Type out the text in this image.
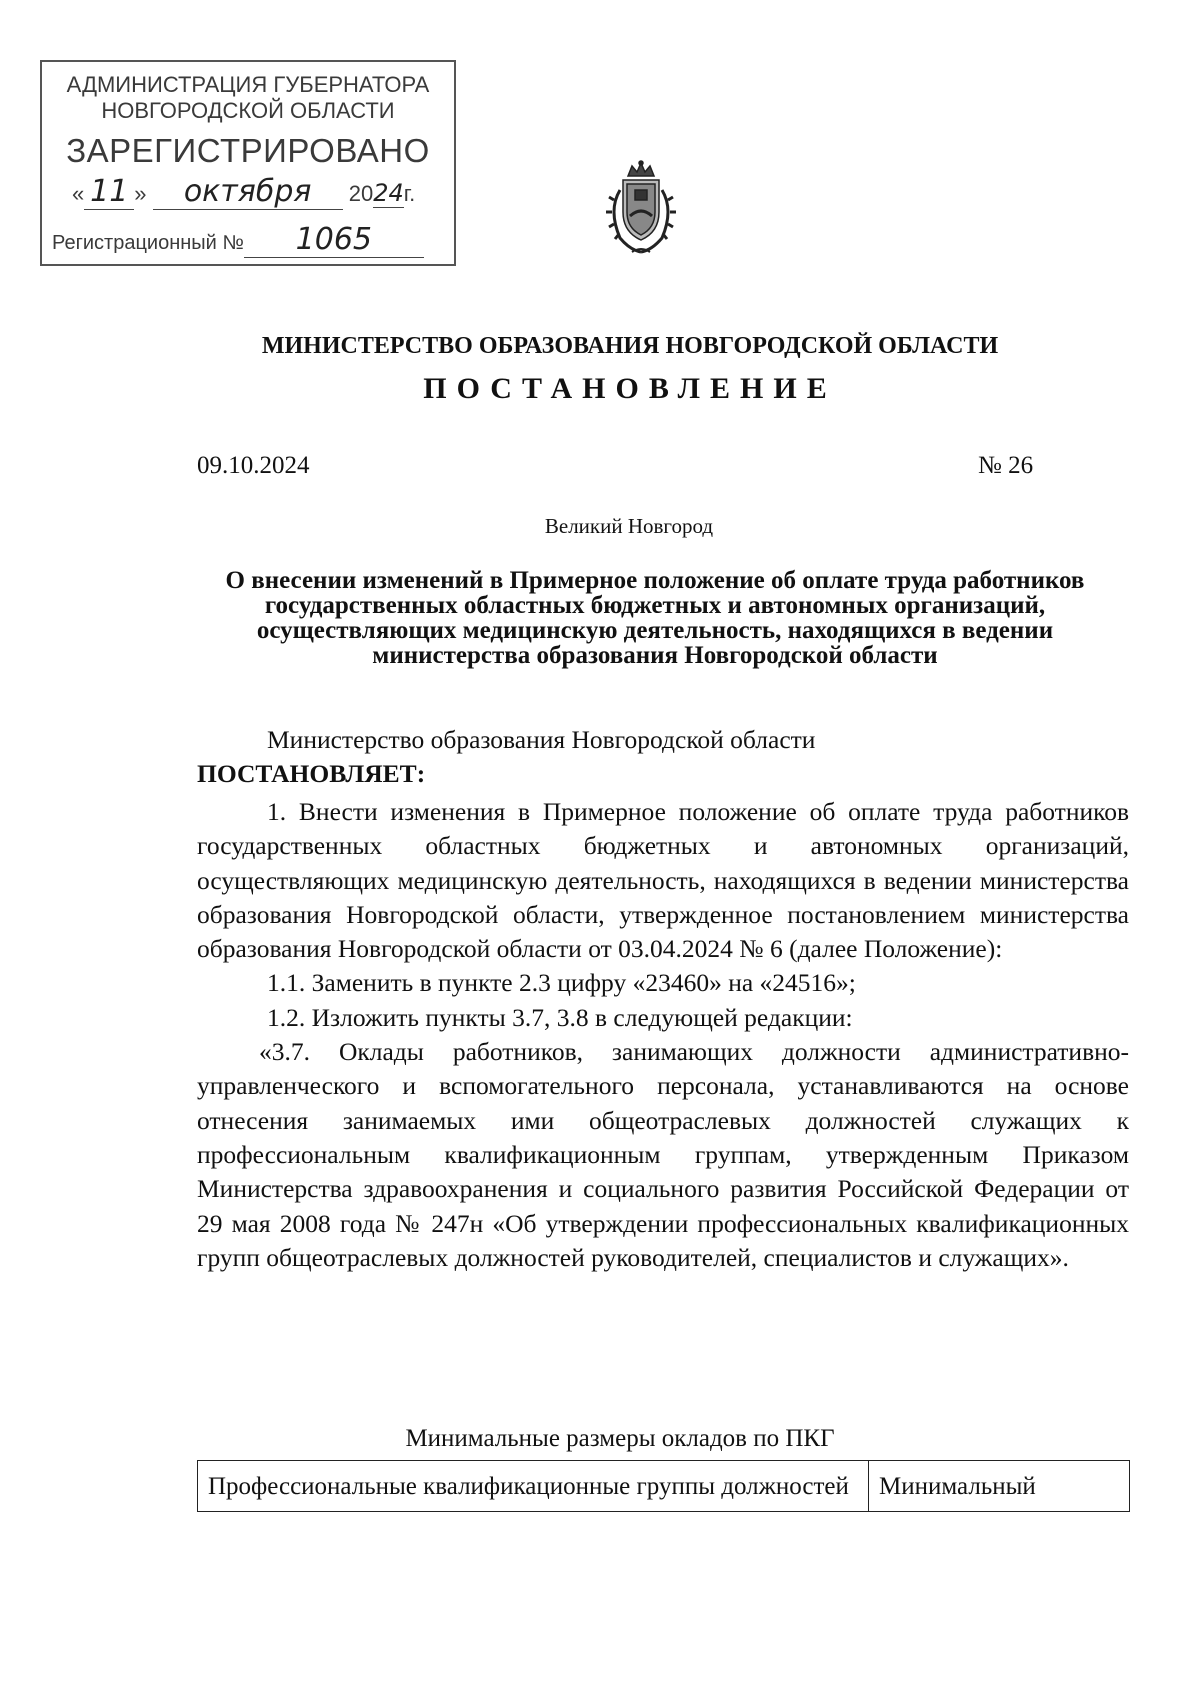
АДМИНИСТРАЦИЯ ГУБЕРНАТОРА
НОВГОРОДСКОЙ ОБЛАСТИ
ЗАРЕГИСТРИРОВАНО
« 11 » октября 2024г.
Регистрационный № 1065
МИНИСТЕРСТВО ОБРАЗОВАНИЯ НОВГОРОДСКОЙ ОБЛАСТИ
ПОСТАНОВЛЕНИЕ
09.10.2024	№ 26
Великий Новгород
О внесении изменений в Примерное положение об оплате труда работников государственных областных бюджетных и автономных организаций, осуществляющих медицинскую деятельность, находящихся в ведении министерства образования Новгородской области
Министерство образования Новгородской области
ПОСТАНОВЛЯЕТ:
1. Внести изменения в Примерное положение об оплате труда работников государственных областных бюджетных и автономных организаций, осуществляющих медицинскую деятельность, находящихся в ведении министерства образования Новгородской области, утвержденное постановлением министерства образования Новгородской области от 03.04.2024 № 6 (далее Положение):
1.1. Заменить в пункте 2.3 цифру «23460» на «24516»;
1.2. Изложить пункты 3.7, 3.8 в следующей редакции:
«3.7. Оклады работников, занимающих должности административно-управленческого и вспомогательного персонала, устанавливаются на основе отнесения занимаемых ими общеотраслевых должностей служащих к профессиональным квалификационным группам, утвержденным Приказом Министерства здравоохранения и социального развития Российской Федерации от 29 мая 2008 года № 247н «Об утверждении профессиональных квалификационных групп общеотраслевых должностей руководителей, специалистов и служащих».
Минимальные размеры окладов по ПКГ
Профессиональные квалификационные группы должностей	Минимальный
